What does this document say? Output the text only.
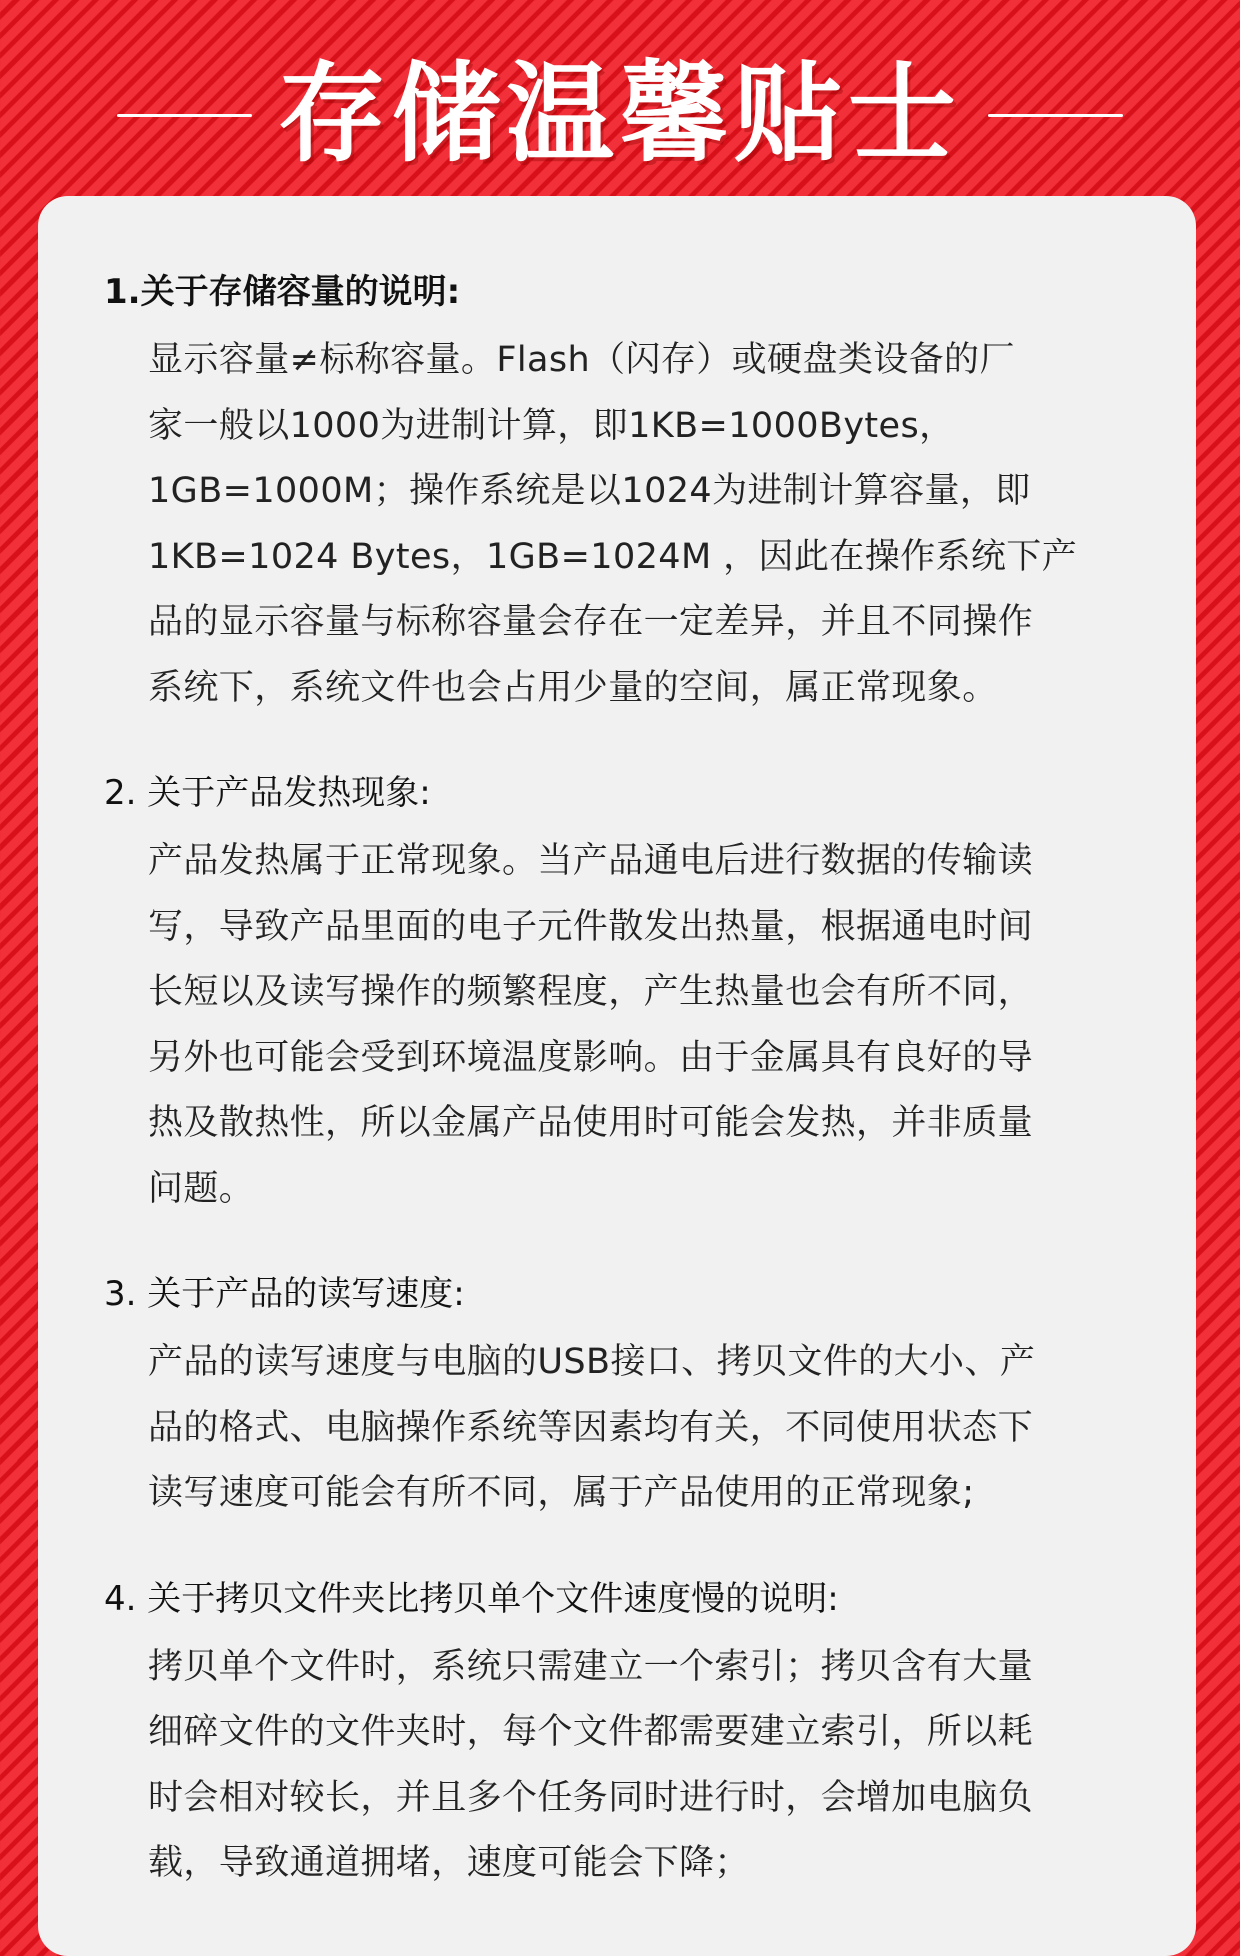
存储温馨贴士
1.关于存储容量的说明:
显示容量≠标称容量。Flash（闪存）或硬盘类设备的厂
家一般以1000为进制计算，即1KB=1000Bytes，
1GB=1000M；操作系统是以1024为进制计算容量，即
1KB=1024 Bytes，1GB=1024M ，因此在操作系统下产
品的显示容量与标称容量会存在一定差异，并且不同操作
系统下，系统文件也会占用少量的空间，属正常现象。
2. 关于产品发热现象:
产品发热属于正常现象。当产品通电后进行数据的传输读
写，导致产品里面的电子元件散发出热量，根据通电时间
长短以及读写操作的频繁程度，产生热量也会有所不同，
另外也可能会受到环境温度影响。由于金属具有良好的导
热及散热性，所以金属产品使用时可能会发热，并非质量
问题。
3. 关于产品的读写速度:
产品的读写速度与电脑的USB接口、拷贝文件的大小、产
品的格式、电脑操作系统等因素均有关，不同使用状态下
读写速度可能会有所不同，属于产品使用的正常现象;
4. 关于拷贝文件夹比拷贝单个文件速度慢的说明:
拷贝单个文件时，系统只需建立一个索引；拷贝含有大量
细碎文件的文件夹时，每个文件都需要建立索引，所以耗
时会相对较长，并且多个任务同时进行时，会增加电脑负
载，导致通道拥堵，速度可能会下降；
